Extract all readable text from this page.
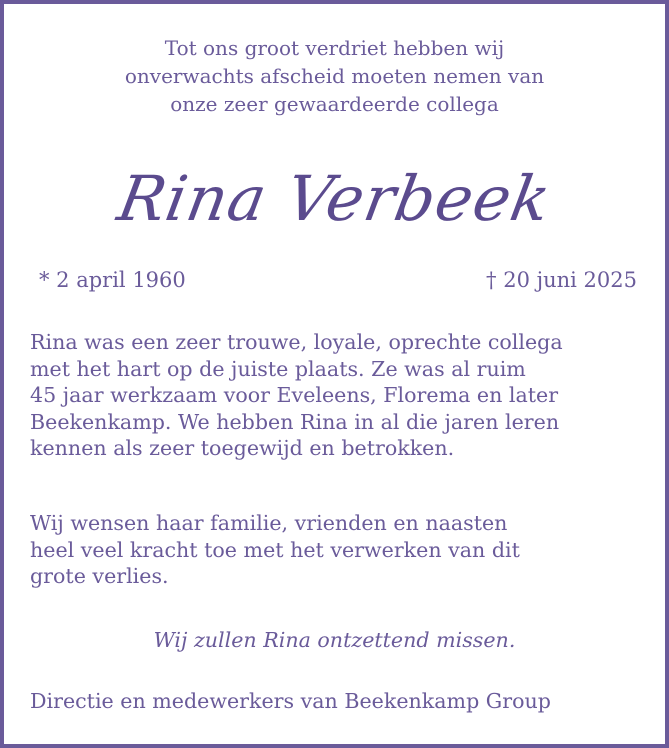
Tot ons groot verdriet hebben wij
onverwachts afscheid moeten nemen van
onze zeer gewaardeerde collega
Rina Verbeek
* 2 april 1960	† 20 juni 2025
Rina was een zeer trouwe, loyale, oprechte collega
met het hart op de juiste plaats. Ze was al ruim
45 jaar werkzaam voor Eveleens, Florema en later
Beekenkamp. We hebben Rina in al die jaren leren
kennen als zeer toegewijd en betrokken.
Wij wensen haar familie, vrienden en naasten
heel veel kracht toe met het verwerken van dit
grote verlies.
Wij zullen Rina ontzettend missen.
Directie en medewerkers van Beekenkamp Group
